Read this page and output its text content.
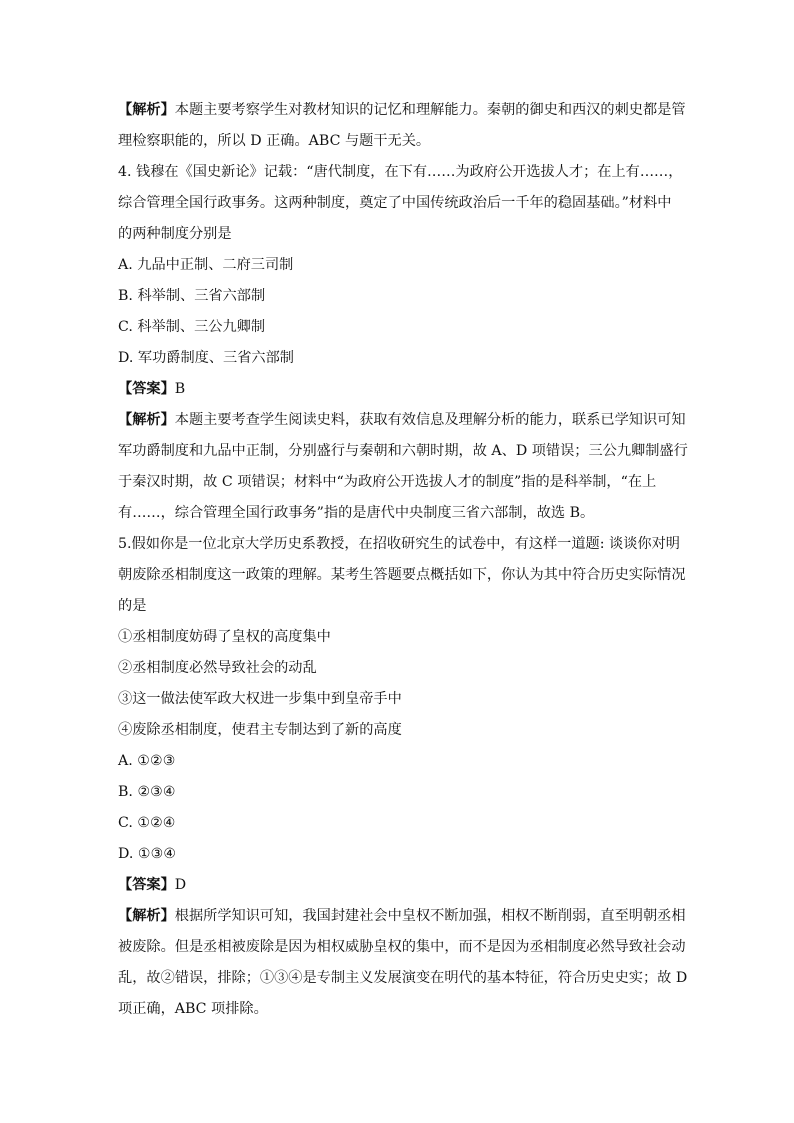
【解析】本题主要考察学生对教材知识的记忆和理解能力。秦朝的御史和西汉的刺史都是管

理检察职能的，所以 D 正确。ABC 与题干无关。

4. 钱穆在《国史新论》记载：“唐代制度，在下有……为政府公开选拔人才；在上有……，

综合管理全国行政事务。这两种制度，奠定了中国传统政治后一千年的稳固基础。”材料中

的两种制度分别是

A. 九品中正制、二府三司制

B. 科举制、三省六部制

C. 科举制、三公九卿制

D. 军功爵制度、三省六部制

【答案】B

【解析】本题主要考查学生阅读史料，获取有效信息及理解分析的能力，联系已学知识可知

军功爵制度和九品中正制，分别盛行与秦朝和六朝时期，故 A、D 项错误；三公九卿制盛行

于秦汉时期，故 C 项错误；材料中“为政府公开选拔人才的制度”指的是科举制，“在上

有……，综合管理全国行政事务”指的是唐代中央制度三省六部制，故选 B。

5.假如你是一位北京大学历史系教授，在招收研究生的试卷中，有这样一道题: 谈谈你对明

朝废除丞相制度这一政策的理解。某考生答题要点概括如下，你认为其中符合历史实际情况

的是

①丞相制度妨碍了皇权的高度集中

②丞相制度必然导致社会的动乱

③这一做法使军政大权进一步集中到皇帝手中

④废除丞相制度，使君主专制达到了新的高度

A. ①②③

B. ②③④

C. ①②④

D. ①③④

【答案】D

【解析】根据所学知识可知，我国封建社会中皇权不断加强，相权不断削弱，直至明朝丞相

被废除。但是丞相被废除是因为相权威胁皇权的集中，而不是因为丞相制度必然导致社会动

乱，故②错误，排除；①③④是专制主义发展演变在明代的基本特征，符合历史史实；故 D

项正确，ABC 项排除。
